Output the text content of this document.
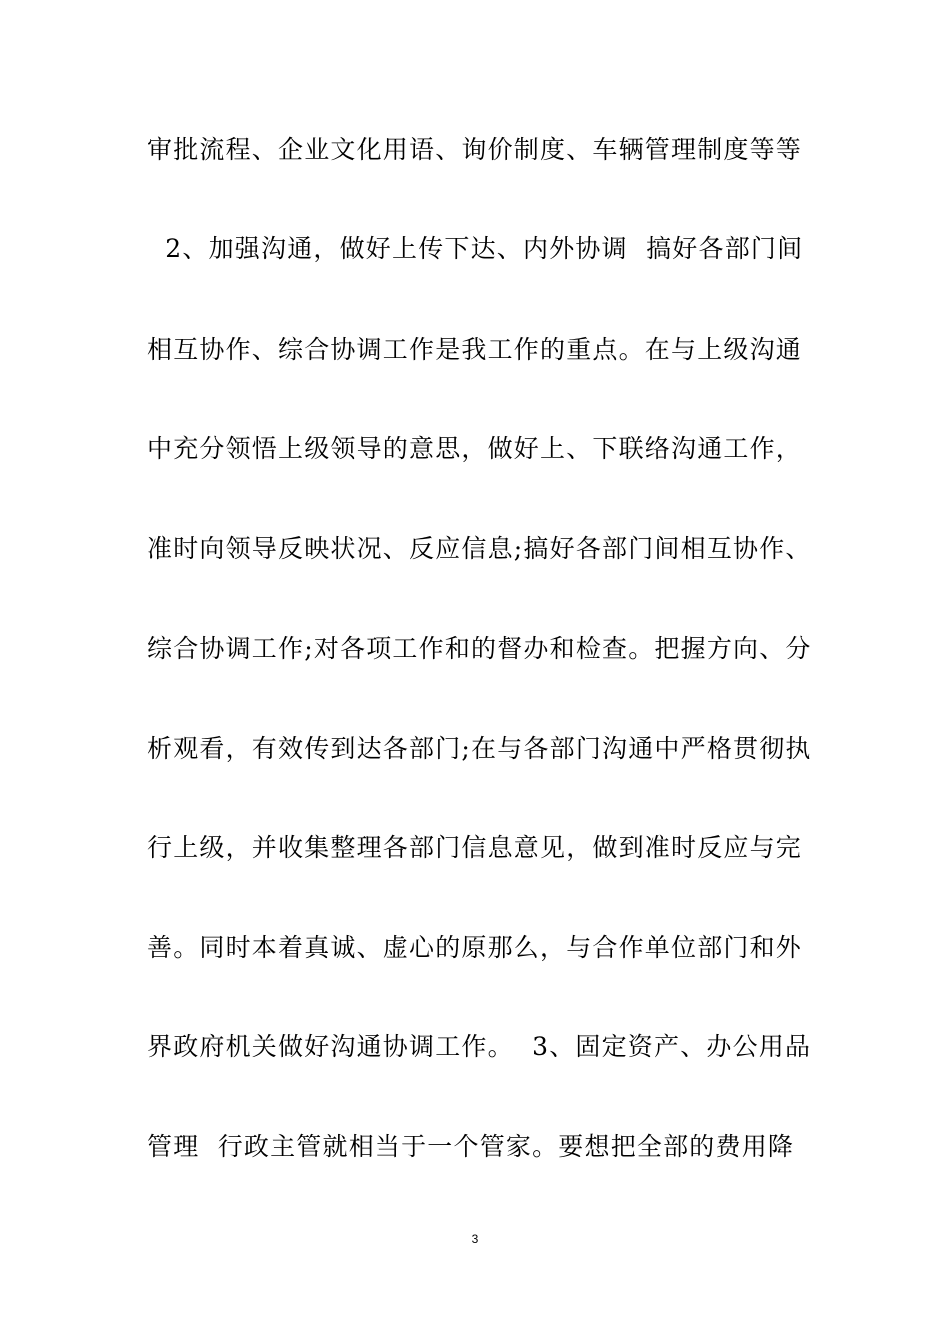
审批流程、企业文化用语、询价制度、车辆管理制度等等
2、加强沟通，做好上传下达、内外协调  搞好各部门间
相互协作、综合协调工作是我工作的重点。在与上级沟通
中充分领悟上级领导的意思，做好上、下联络沟通工作，
准时向领导反映状况、反应信息;搞好各部门间相互协作、
综合协调工作;对各项工作和的督办和检查。把握方向、分
析观看，有效传到达各部门;在与各部门沟通中严格贯彻执
行上级，并收集整理各部门信息意见，做到准时反应与完
善。同时本着真诚、虚心的原那么，与合作单位部门和外
界政府机关做好沟通协调工作。  3、固定资产、办公用品
管理  行政主管就相当于一个管家。要想把全部的费用降
3
